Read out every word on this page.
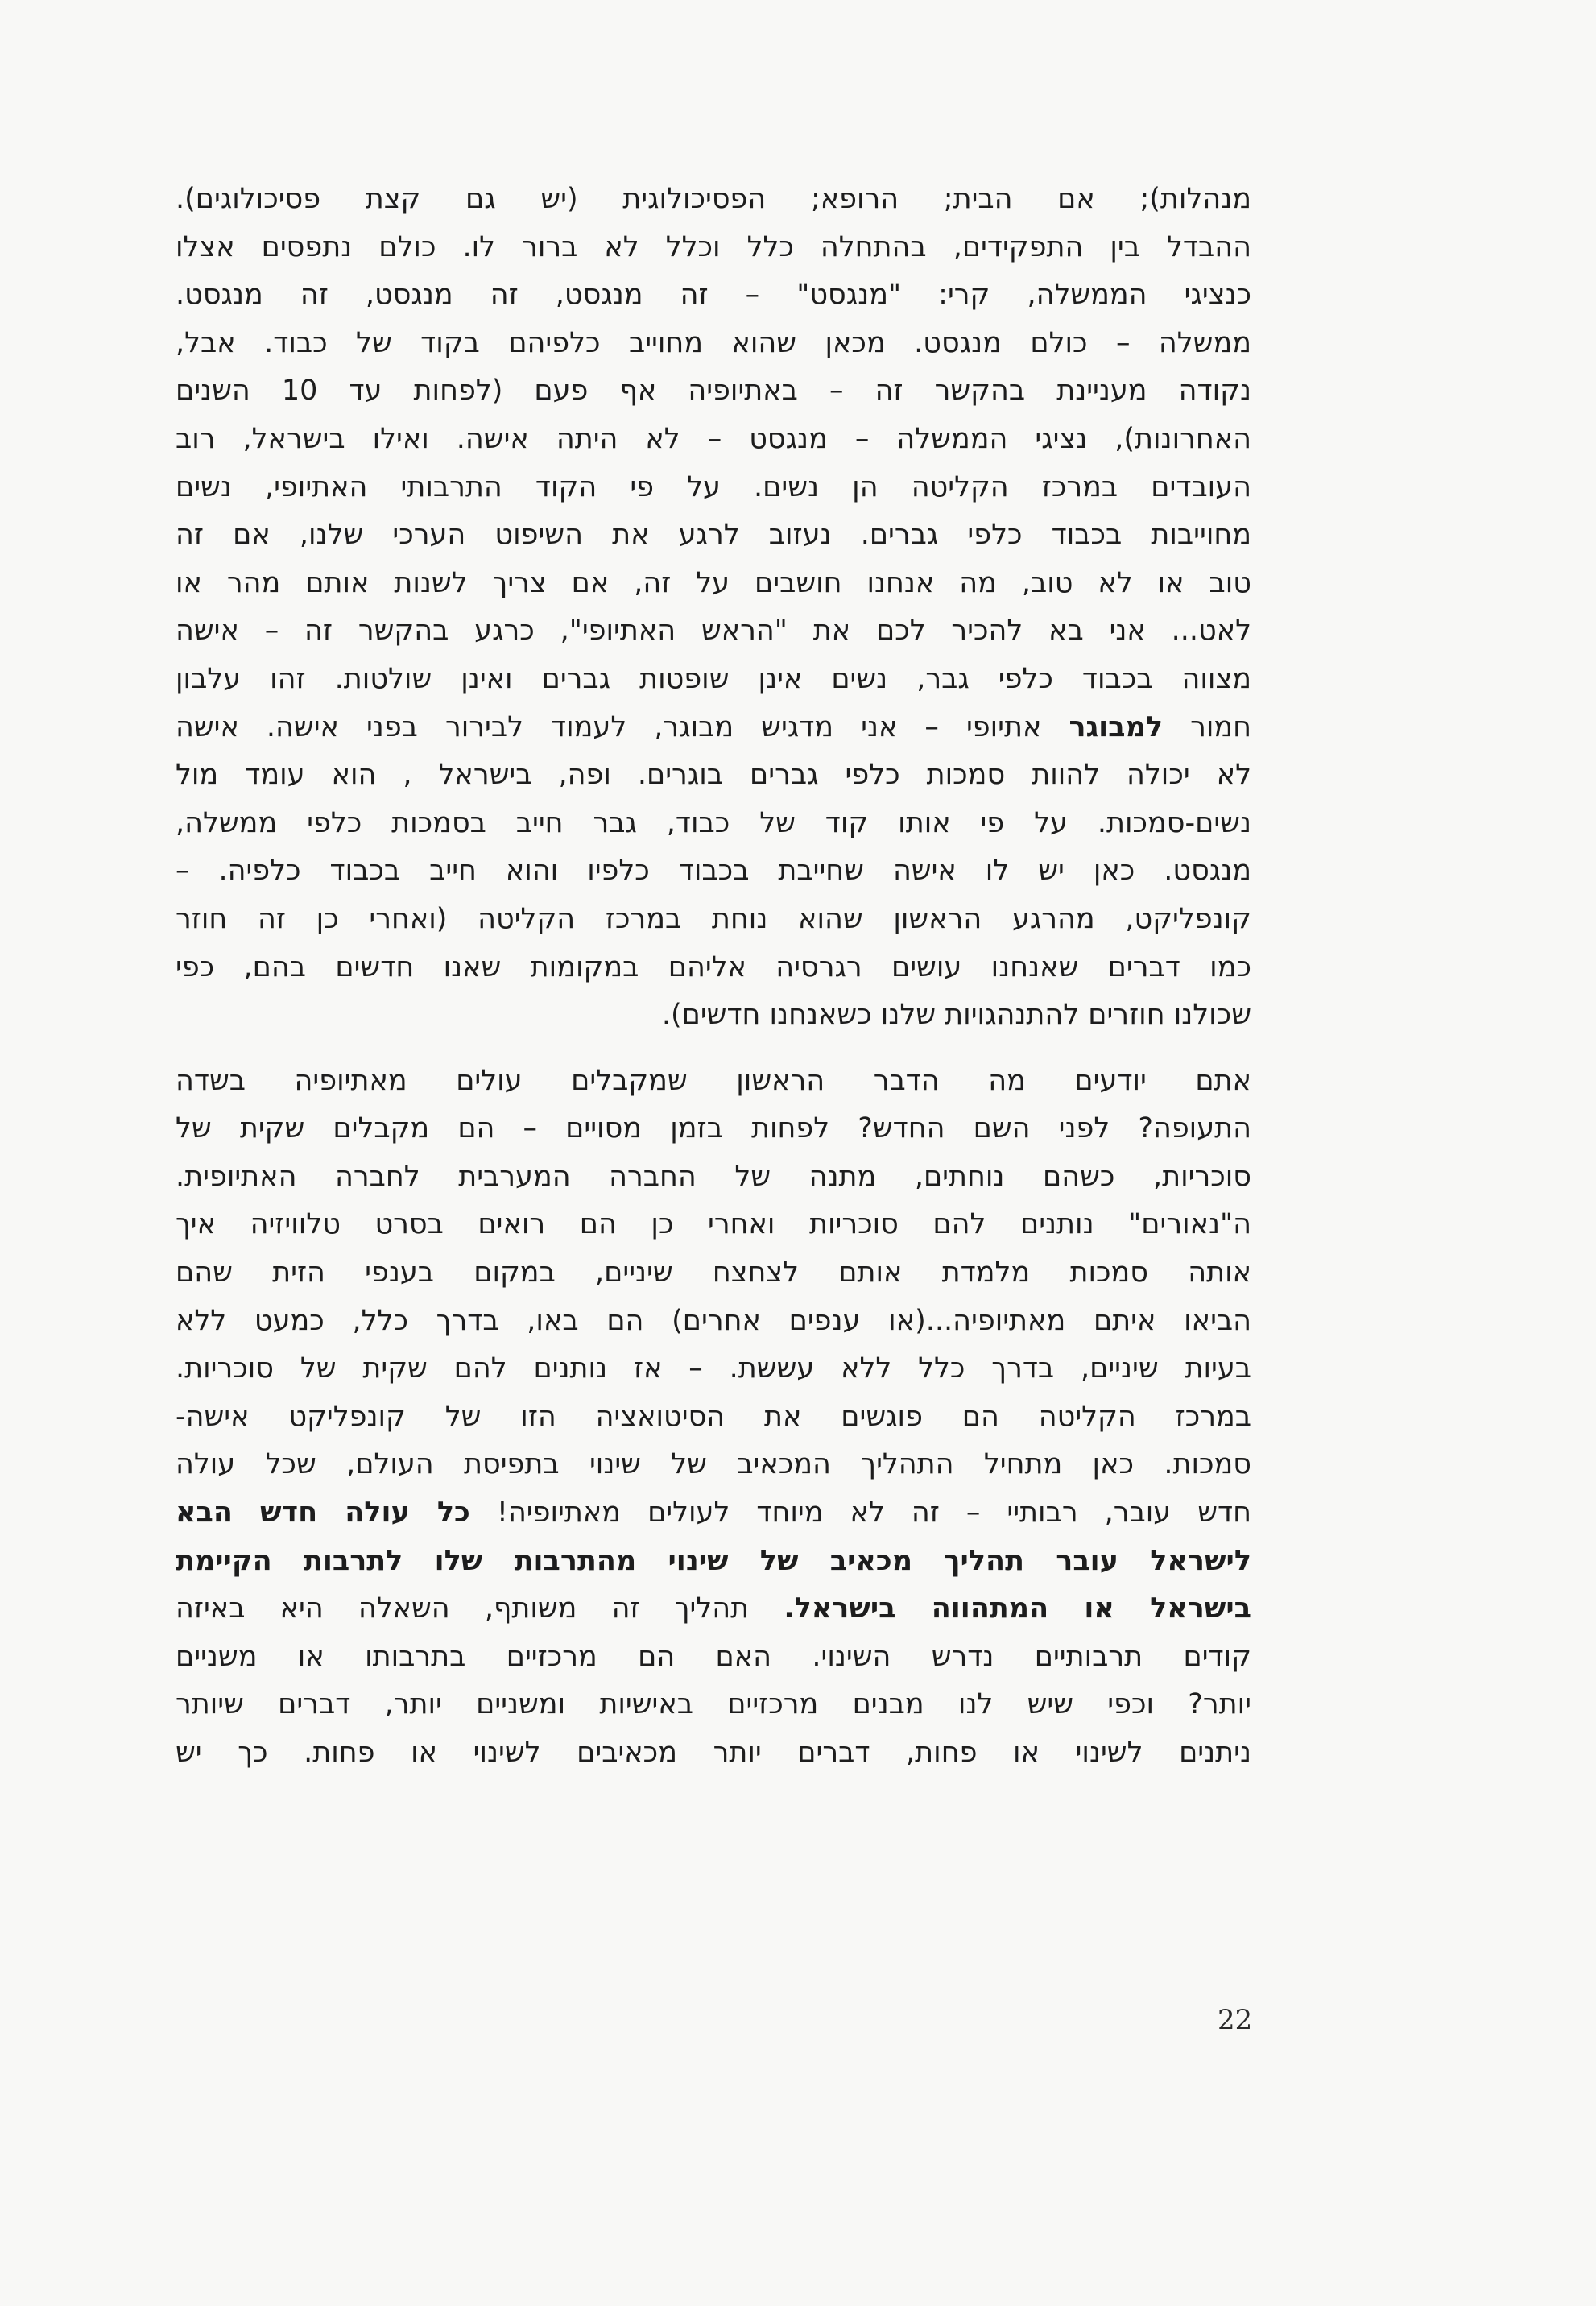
מנהלות); אם הבית; הרופא; הפסיכולוגית (יש גם קצת פסיכולוגים).
ההבדל בין התפקידים, בהתחלה כלל וכלל לא ברור לו. כולם נתפסים אצלו
כנציגי הממשלה, קרי: "מנגסט" – זה מנגסט, זה מנגסט, זה מנגסט.
ממשלה – כולם מנגסט. מכאן שהוא מחוייב כלפיהם בקוד של כבוד. אבל,
נקודה מעניינת בהקשר זה – באתיופיה אף פעם (לפחות עד 10 השנים
האחרונות), נציגי הממשלה – מנגסט – לא היתה אישה. ואילו בישראל, רוב
העובדים במרכז הקליטה הן נשים. על פי הקוד התרבותי האתיופי, נשים
מחוייבות בכבוד כלפי גברים. נעזוב לרגע את השיפוט הערכי שלנו, אם זה
טוב או לא טוב, מה אנחנו חושבים על זה, אם צריך לשנות אותם מהר או
לאט... אני בא להכיר לכם את "הראש האתיופי", כרגע בהקשר זה – אישה
מצווה בכבוד כלפי גבר, נשים אינן שופטות גברים ואינן שולטות. זהו עלבון
חמור למבוגר אתיופי – אני מדגיש מבוגר, לעמוד לבירור בפני אישה. אישה
לא יכולה להוות סמכות כלפי גברים בוגרים. ופה, בישראל , הוא עומד מול
נשים-סמכות. על פי אותו קוד של כבוד, גבר חייב בסמכות כלפי ממשלה,
מנגסט. כאן יש לו אישה שחייבת בכבוד כלפיו והוא חייב בכבוד כלפיה. –
קונפליקט, מהרגע הראשון שהוא נוחת במרכז הקליטה (ואחרי כן זה חוזר
כמו דברים שאנחנו עושים רגרסיה אליהם במקומות שאנו חדשים בהם, כפי
שכולנו חוזרים להתנהגויות שלנו כשאנחנו חדשים).
אתם יודעים מה הדבר הראשון שמקבלים עולים מאתיופיה בשדה
התעופה? לפני השם החדש? לפחות בזמן מסויים – הם מקבלים שקית של
סוכריות, כשהם נוחתים, מתנה של החברה המערבית לחברה האתיופית.
ה"נאורים" נותנים להם סוכריות ואחרי כן הם רואים בסרט טלוויזיה איך
אותה סמכות מלמדת אותם לצחצח שיניים, במקום בענפי הזית שהם
הביאו איתם מאתיופיה...(או ענפים אחרים) הם באו, בדרך כלל, כמעט ללא
בעיות שיניים, בדרך כלל ללא עששת. – אז נותנים להם שקית של סוכריות.
במרכז הקליטה הם פוגשים את הסיטואציה הזו של קונפליקט אישה-
סמכות. כאן מתחיל התהליך המכאיב של שינוי בתפיסת העולם, שכל עולה
חדש עובר, רבותיי – זה לא מיוחד לעולים מאתיופיה! כל עולה חדש הבא
לישראל עובר תהליך מכאיב של שינוי מהתרבות שלו לתרבות הקיימת
בישראל או המתהווה בישראל. תהליך זה משותף, השאלה היא באיזה
קודים תרבותיים נדרש השינוי. האם הם מרכזיים בתרבותו או משניים
יותר? וכפי שיש לנו מבנים מרכזיים באישיות ומשניים יותר, דברים שיותר
ניתנים לשינוי או פחות, דברים יותר מכאיבים לשינוי או פחות. כך יש
22
